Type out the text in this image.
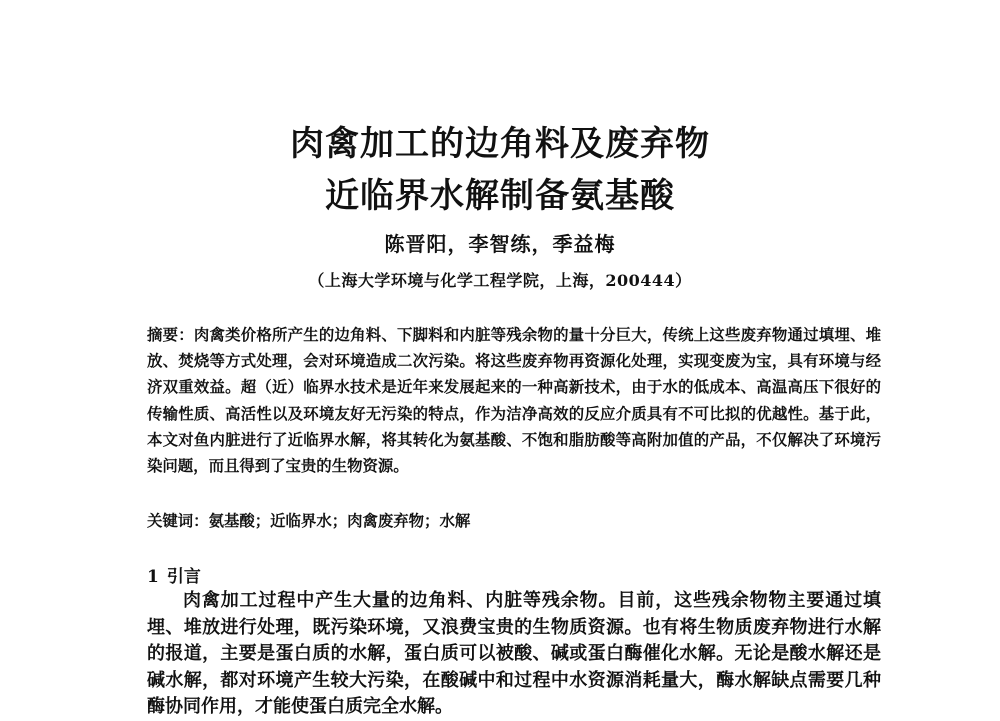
肉禽加工的边角料及废弃物
近临界水解制备氨基酸
陈晋阳，李智练，季益梅
（上海大学环境与化学工程学院，上海，200444）
摘要：肉禽类价格所产生的边角料、下脚料和内脏等残余物的量十分巨大，传统上这些废弃物通过填埋、堆放、焚烧等方式处理，会对环境造成二次污染。将这些废弃物再资源化处理，实现变废为宝，具有环境与经济双重效益。超（近）临界水技术是近年来发展起来的一种高新技术，由于水的低成本、高温高压下很好的传输性质、高活性以及环境友好无污染的特点，作为洁净高效的反应介质具有不可比拟的优越性。基于此，本文对鱼内脏进行了近临界水解，将其转化为氨基酸、不饱和脂肪酸等高附加值的产品，不仅解决了环境污染问题，而且得到了宝贵的生物资源。
关键词：氨基酸；近临界水；肉禽废弃物；水解
1 引言
肉禽加工过程中产生大量的边角料、内脏等残余物。目前，这些残余物物主要通过填埋、堆放进行处理，既污染环境，又浪费宝贵的生物质资源。也有将生物质废弃物进行水解的报道，主要是蛋白质的水解，蛋白质可以被酸、碱或蛋白酶催化水解。无论是酸水解还是碱水解，都对环境产生较大污染，在酸碱中和过程中水资源消耗量大，酶水解缺点需要几种酶协同作用，才能使蛋白质完全水解。
